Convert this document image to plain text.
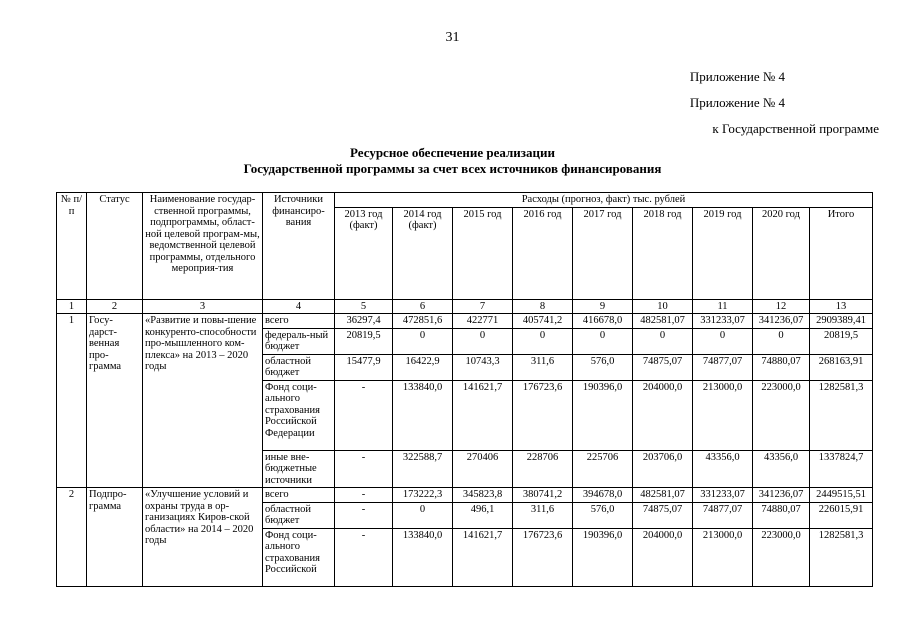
31
Приложение № 4
Приложение № 4
к Государственной программе
Ресурсное обеспечение реализации
Государственной программы за счет всех источников финансирования
№ п/п	Статус	Наименование государ-ственной программы, подпрограммы, област-ной целевой програм-мы, ведомственной целевой программы, отдельного мероприя-тия	Источники финансиро-вания	Расходы (прогноз, факт) тыс. рублей								
				2013 год (факт)	2014 год (факт)	2015 год	2016 год	2017 год	2018 год	2019 год	2020 год	Итого
1	2	3	4	5	6	7	8	9	10	11	12	13
1	Госу-дарст-венная про-грамма	«Развитие и повы-шение конкуренто-способности про-мышленного ком-плекса» на 2013 – 2020 годы	всего	36297,4	472851,6	422771	405741,2	416678,0	482581,07	331233,07	341236,07	2909389,41
			федераль-ный бюджет	20819,5	0	0	0	0	0	0	0	20819,5
			областной бюджет	15477,9	16422,9	10743,3	311,6	576,0	74875,07	74877,07	74880,07	268163,91
			Фонд соци-ального страхования Российской Федерации	-	133840,0	141621,7	176723,6	190396,0	204000,0	213000,0	223000,0	1282581,3
			иные вне-бюджетные источники	-	322588,7	270406	228706	225706	203706,0	43356,0	43356,0	1337824,7
2	Подпро-грамма	«Улучшение условий и охраны труда в ор-ганизациях Киров-ской области» на 2014 – 2020 годы	всего	-	173222,3	345823,8	380741,2	394678,0	482581,07	331233,07	341236,07	2449515,51
			областной бюджет	-	0	496,1	311,6	576,0	74875,07	74877,07	74880,07	226015,91
			Фонд соци-ального страхования Российской	-	133840,0	141621,7	176723,6	190396,0	204000,0	213000,0	223000,0	1282581,3
